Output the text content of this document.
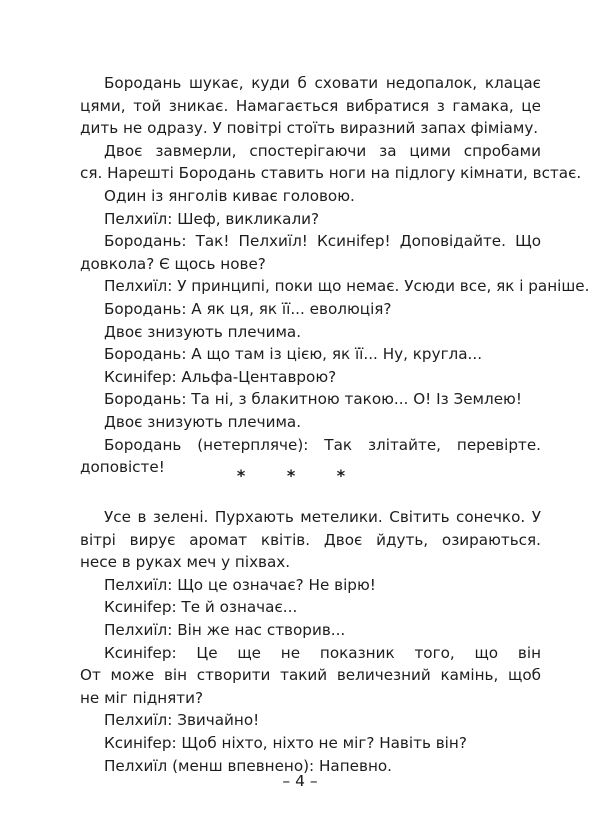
Бородань шукає, куди б сховати недопалок, клацає
цями, той зникає. Намагається вибратися з гамака, це
дить не одразу. У повітрі стоїть виразний запах фіміаму.
Двоє завмерли, спостерігаючи за цими спробами
ся. Нарешті Бородань ставить ноги на підлогу кімнати, встає.
Один із янголів киває головою.
Пелхиїл: Шеф, викликали?
Бородань: Так! Пелхиїл! Ксинifер! Доповідайте. Що
довкола? Є щось нове?
Пелхиїл: У принципі, поки що немає. Усюди все, як і раніше.
Бородань: А як ця, як її... еволюція?
Двоє знизують плечима.
Бородань: А що там із цією, як її... Ну, кругла...
Ксинifер: Альфа-Центаврою?
Бородань: Та ні, з блакитною такою... О! Із Землею!
Двоє знизують плечима.
Бородань (нетерпляче): Так злітайте, перевірте.
доповісте!	* * *
Усе в зелені. Пурхають метелики. Світить сонечко. У
вітрі вирує аромат квітів. Двоє йдуть, озираються.
несе в руках меч у піхвах.
Пелхиїл: Що це означає? Не вірю!
Ксинifер: Те й означає...
Пелхиїл: Він же нас створив...
Ксинifер: Це ще не показник того, що він
От може він створити такий величезний камінь, щоб
не міг підняти?
Пелхиїл: Звичайно!
Ксинifер: Щоб ніхто, ніхто не міг? Навіть він?
Пелхиїл (менш впевнено): Напевно.
– 4 –
